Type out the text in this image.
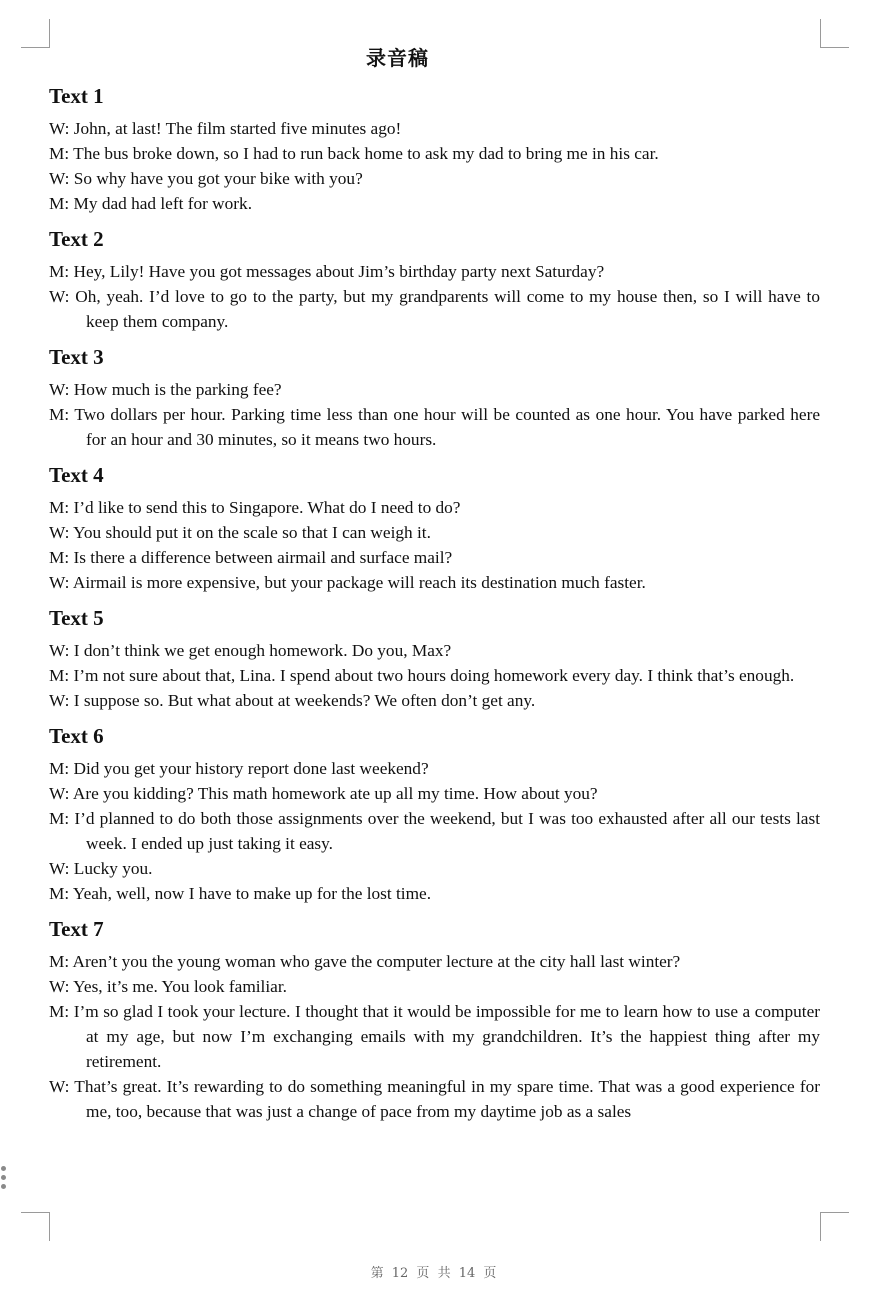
录音稿
Text 1
W: John, at last! The film started five minutes ago!
M: The bus broke down, so I had to run back home to ask my dad to bring me in his car.
W: So why have you got your bike with you?
M: My dad had left for work.
Text 2
M: Hey, Lily! Have you got messages about Jim’s birthday party next Saturday?
W: Oh, yeah. I’d love to go to the party, but my grandparents will come to my house then, so I will have to keep them company.
Text 3
W: How much is the parking fee?
M: Two dollars per hour. Parking time less than one hour will be counted as one hour. You have parked here for an hour and 30 minutes, so it means two hours.
Text 4
M: I’d like to send this to Singapore. What do I need to do?
W: You should put it on the scale so that I can weigh it.
M: Is there a difference between airmail and surface mail?
W: Airmail is more expensive, but your package will reach its destination much faster.
Text 5
W: I don’t think we get enough homework. Do you, Max?
M: I’m not sure about that, Lina. I spend about two hours doing homework every day. I think that’s enough.
W: I suppose so. But what about at weekends? We often don’t get any.
Text 6
M: Did you get your history report done last weekend?
W: Are you kidding? This math homework ate up all my time. How about you?
M: I’d planned to do both those assignments over the weekend, but I was too exhausted after all our tests last week. I ended up just taking it easy.
W: Lucky you.
M: Yeah, well, now I have to make up for the lost time.
Text 7
M: Aren’t you the young woman who gave the computer lecture at the city hall last winter?
W: Yes, it’s me. You look familiar.
M: I’m so glad I took your lecture. I thought that it would be impossible for me to learn how to use a computer at my age, but now I’m exchanging emails with my grandchildren. It’s the happiest thing after my retirement.
W: That’s great. It’s rewarding to do something meaningful in my spare time. That was a good experience for me, too, because that was just a change of pace from my daytime job as a sales
第 12 页 共 14 页
